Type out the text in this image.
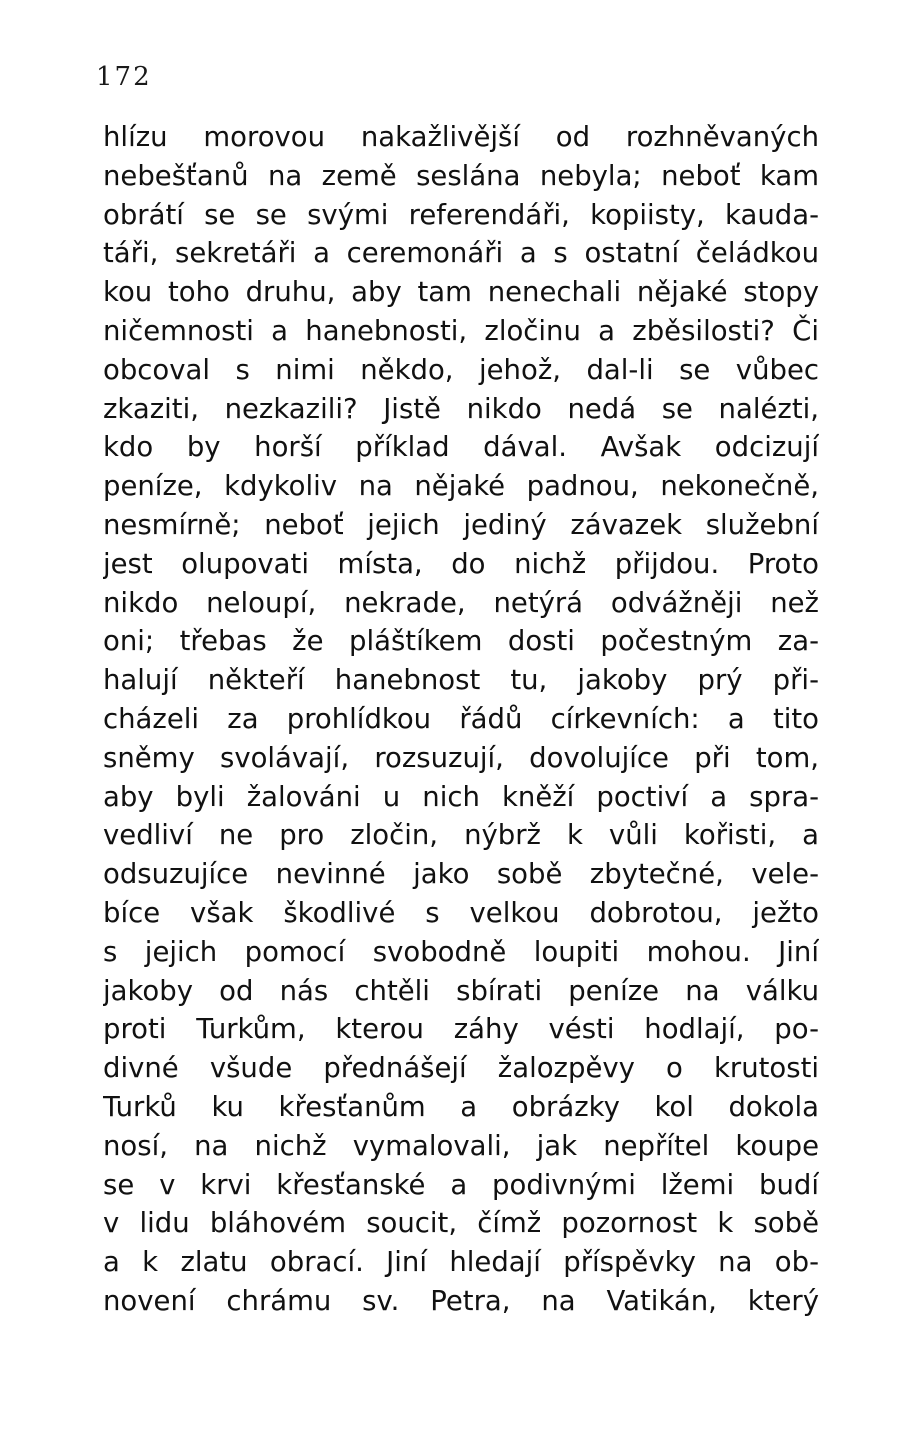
172
hlízu morovou nakažlivější od rozhněvaných
nebešťanů na země seslána nebyla; neboť kam
obrátí se se svými referendáři, kopiisty, kauda-
táři, sekretáři a ceremonáři a s ostatní čeládkou
kou toho druhu, aby tam nenechali nějaké stopy
ničemnosti a hanebnosti, zločinu a zběsilosti? Či
obcoval s nimi někdo, jehož, dal-li se vůbec
zkaziti, nezkazili? Jistě nikdo nedá se nalézti,
kdo by horší příklad dával. Avšak odcizují
peníze, kdykoliv na nějaké padnou, nekonečně,
nesmírně; neboť jejich jediný závazek služební
jest olupovati místa, do nichž přijdou. Proto
nikdo neloupí, nekrade, netýrá odvážněji než
oni; třebas že pláštíkem dosti počestným za-
halují někteří hanebnost tu, jakoby prý při-
cházeli za prohlídkou řádů církevních: a tito
sněmy svolávají, rozsuzují, dovolujíce při tom,
aby byli žalováni u nich kněží poctiví a spra-
vedliví ne pro zločin, nýbrž k vůli kořisti, a
odsuzujíce nevinné jako sobě zbytečné, vele-
bíce však škodlivé s velkou dobrotou, ježto
s jejich pomocí svobodně loupiti mohou. Jiní
jakoby od nás chtěli sbírati peníze na válku
proti Turkům, kterou záhy vésti hodlají, po-
divné všude přednášejí žalozpěvy o krutosti
Turků ku křesťanům a obrázky kol dokola
nosí, na nichž vymalovali, jak nepřítel koupe
se v krvi křesťanské a podivnými lžemi budí
v lidu bláhovém soucit, čímž pozornost k sobě
a k zlatu obrací. Jiní hledají příspěvky na ob-
novení chrámu sv. Petra, na Vatikán, který
